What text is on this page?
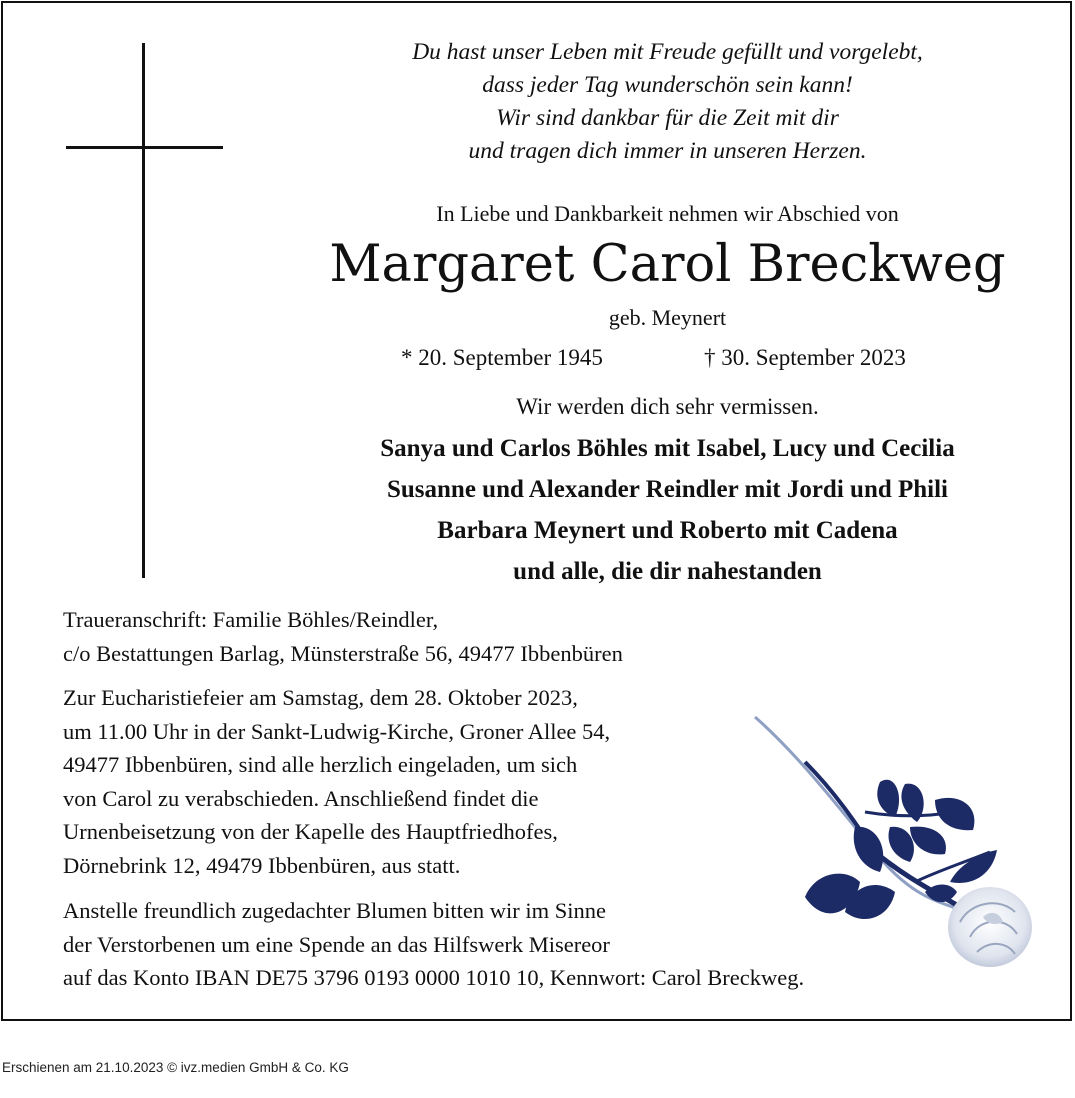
Du hast unser Leben mit Freude gefüllt und vorgelebt,
dass jeder Tag wunderschön sein kann!
Wir sind dankbar für die Zeit mit dir
und tragen dich immer in unseren Herzen.
In Liebe und Dankbarkeit nehmen wir Abschied von
Margaret Carol Breckweg
geb. Meynert
* 20. September 1945	† 30. September 2023
Wir werden dich sehr vermissen.
Sanya und Carlos Böhles mit Isabel, Lucy und Cecilia
Susanne und Alexander Reindler mit Jordi und Phili
Barbara Meynert und Roberto mit Cadena
und alle, die dir nahestanden
Traueranschrift: Familie Böhles/Reindler,
c/o Bestattungen Barlag, Münsterstraße 56, 49477 Ibbenbüren
Zur Eucharistiefeier am Samstag, dem 28. Oktober 2023,
um 11.00 Uhr in der Sankt-Ludwig-Kirche, Groner Allee 54,
49477 Ibbenbüren, sind alle herzlich eingeladen, um sich
von Carol zu verabschieden. Anschließend findet die
Urnenbeisetzung von der Kapelle des Hauptfriedhofes,
Dörnebrink 12, 49479 Ibbenbüren, aus statt.
Anstelle freundlich zugedachter Blumen bitten wir im Sinne
der Verstorbenen um eine Spende an das Hilfswerk Misereor
auf das Konto IBAN DE75 3796 0193 0000 1010 10, Kennwort: Carol Breckweg.
Erschienen am 21.10.2023 © ivz.medien GmbH & Co. KG
